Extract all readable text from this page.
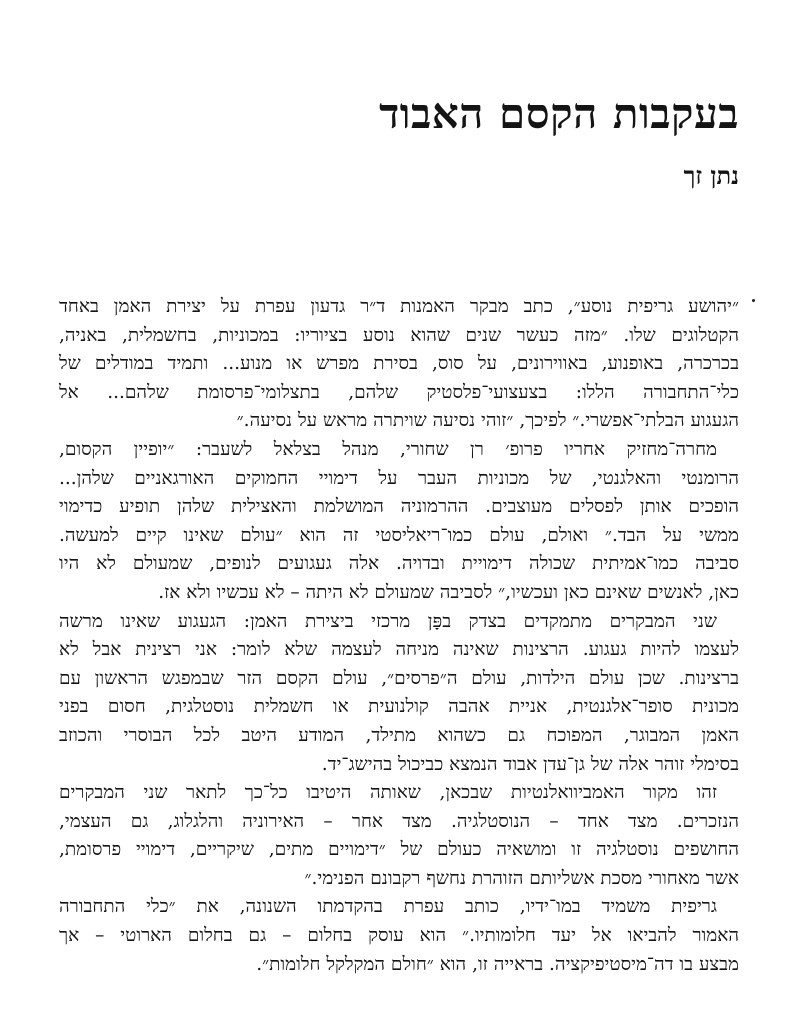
בעקבות הקסם האבוד
נתן זך

״יהושע גריפית נוסע״, כתב מבקר האמנות ד״ר גדעון עפרת על יצירת האמן באחד
הקטלוגים שלו. ״מזה כעשר שנים שהוא נוסע בציוריו: במכוניות, בחשמלית, באניה,
בכרכרה, באופנוע, באווירונים, על סוס, בסירת מפרש או מנוע... ותמיד במודלים של
כלי־התחבורה הללו: בצעצועי־פלסטיק שלהם, בתצלומי־פרסומת שלהם... אל
הגעגוע הבלתי־אפשרי.״ לפיכך, ״זוהי נסיעה שויתרה מראש על נסיעה.״

מחרה־מחזיק אחריו פרופ׳ רן שחורי, מנהל בצלאל לשעבר: ״יופיין הקסום,
הרומנטי והאלגנטי, של מכוניות העבר על דימויי החמוקים האורגאניים שלהן...
הופכים אותן לפסלים מעוצבים. ההרמוניה המושלמת והאצילית שלהן תופיע כדימוי
ממשי על הבד.״ ואולם, עולם כמו־ריאליסטי זה הוא ״עולם שאינו קיים למעשה.
סביבה כמו־אמיתית שכולה דימויית ובדויה. אלה געגועים לנופים, שמעולם לא היו
כאן, לאנשים שאינם כאן ועכשיו,״ לסביבה שמעולם לא היתה – לא עכשיו ולא אז.

שני המבקרים מתמקדים בצדק בפָּן מרכזי ביצירת האמן: הגעגוע שאינו מרשה
לעצמו להיות געגוע. הרצינות שאינה מניחה לעצמה שלא לומר: אני רצינית אבל לא
ברצינות. שכן עולם הילדות, עולם ה״פרסים״, עולם הקסם הזר שבמפגש הראשון עם
מכונית סופר־אלגנטית, אניית אהבה קולנועית או חשמלית נוסטלגית, חסום בפני
האמן המבוגר, המפוכח גם כשהוא מתילד, המודע היטב לכל הבוסרי והכוזב
בסימלי זוהר אלה של גן־עדן אבוד הנמצא כביכול בהישג־יד.

זהו מקור האמביוואלנטיות שבכאן, שאותה היטיבו כל־כך לתאר שני המבקרים
הנזכרים. מצד אחד – הנוסטלגיה. מצד אחר – האירוניה והלגלוג, גם העצמי,
החושפים נוסטלגיה זו ומושאיה כעולם של ״דימויים מתים, שיקריים, דימויי פרסומת,
אשר מאחורי מסכת אשליותם הזוהרת נחשף רקבונם הפנימי.״

גריפית משמיד במו־ידיו, כותב עפרת בהקדמתו השנונה, את ״כלי התחבורה
האמור להביאו אל יעד חלומותיו.״ הוא עוסק בחלום – גם בחלום הארוטי – אך
מבצע בו דה־מיסטיפיקציה. בראייה זו, הוא ״חולם המקלקל חלומות״.
